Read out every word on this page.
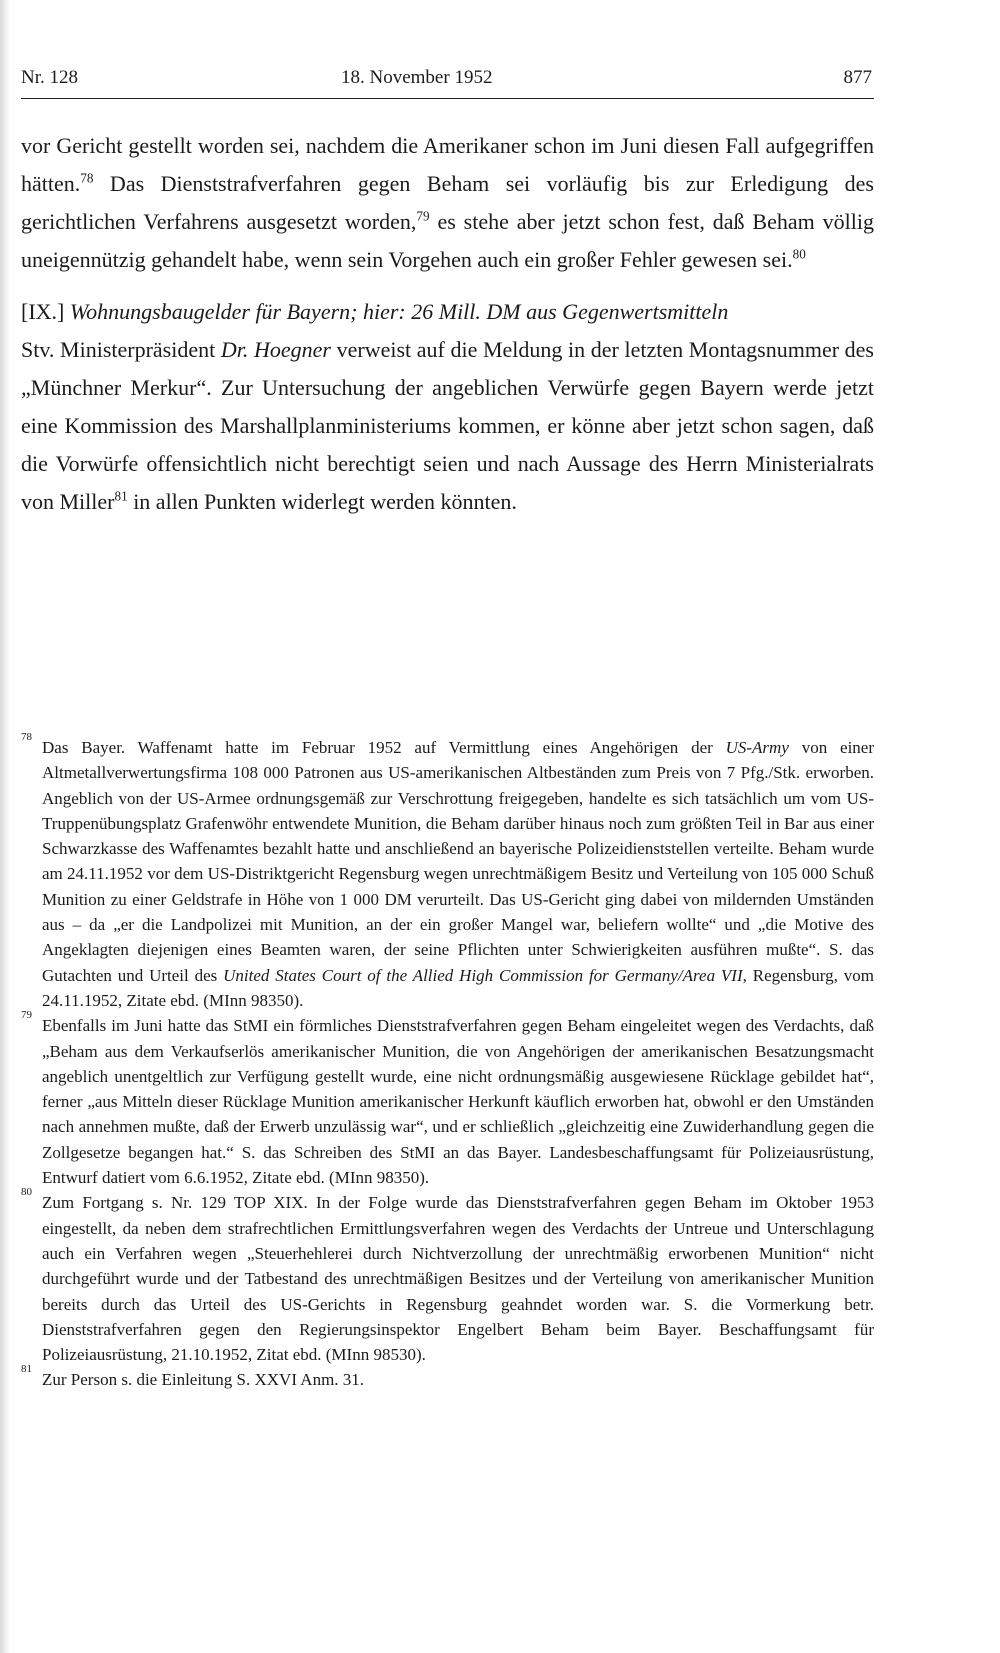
Nr. 128	18. November 1952	877

vor Gericht gestellt worden sei, nachdem die Amerikaner schon im Juni diesen Fall aufgegriffen hätten.$^{78}$ Das Dienststrafverfahren gegen Beham sei vorläufig bis zur Erledigung des gerichtlichen Verfahrens ausgesetzt worden,$^{79}$ es stehe aber jetzt schon fest, daß Beham völlig uneigennützig gehandelt habe, wenn sein Vorgehen auch ein großer Fehler gewesen sei.$^{80}$

[IX.] Wohnungsbaugelder für Bayern; hier: 26 Mill. DM aus Gegenwertsmitteln

Stv. Ministerpräsident Dr. Hoegner verweist auf die Meldung in der letzten Montagsnummer des „Münchner Merkur“. Zur Untersuchung der angeblichen Verwürfe gegen Bayern werde jetzt eine Kommission des Marshallplanministeriums kommen, er könne aber jetzt schon sagen, daß die Vorwürfe offensichtlich nicht berechtigt seien und nach Aussage des Herrn Ministerialrats von Miller$^{81}$ in allen Punkten widerlegt werden könnten.

78
Das Bayer. Waffenamt hatte im Februar 1952 auf Vermittlung eines Angehörigen der US-Army von einer Altmetallverwertungsfirma 108 000 Patronen aus US-amerikanischen Altbeständen zum Preis von 7 Pfg./Stk. erworben. Angeblich von der US-Armee ordnungsgemäß zur Verschrottung freigegeben, handelte es sich tatsächlich um vom US-Truppenübungsplatz Grafenwöhr entwendete Munition, die Beham darüber hinaus noch zum größten Teil in Bar aus einer Schwarzkasse des Waffenamtes bezahlt hatte und anschließend an bayerische Polizeidienststellen verteilte. Beham wurde am 24.11.1952 vor dem US-Distriktgericht Regensburg wegen unrechtmäßigem Besitz und Verteilung von 105 000 Schuß Munition zu einer Geldstrafe in Höhe von 1 000 DM verurteilt. Das US-Gericht ging dabei von mildernden Umständen aus – da „er die Landpolizei mit Munition, an der ein großer Mangel war, beliefern wollte“ und „die Motive des Angeklagten diejenigen eines Beamten waren, der seine Pflichten unter Schwierigkeiten ausführen mußte“. S. das Gutachten und Urteil des United States Court of the Allied High Commission for Germany/Area VII, Regensburg, vom 24.11.1952, Zitate ebd. (MInn 98350).

79
Ebenfalls im Juni hatte das StMI ein förmliches Dienststrafverfahren gegen Beham eingeleitet wegen des Verdachts, daß „Beham aus dem Verkaufserlös amerikanischer Munition, die von Angehörigen der amerikanischen Besatzungsmacht angeblich unentgeltlich zur Verfügung gestellt wurde, eine nicht ordnungsmäßig ausgewiesene Rücklage gebildet hat“, ferner „aus Mitteln dieser Rücklage Munition amerikanischer Herkunft käuflich erworben hat, obwohl er den Umständen nach annehmen mußte, daß der Erwerb unzulässig war“, und er schließlich „gleichzeitig eine Zuwiderhandlung gegen die Zollgesetze begangen hat.“ S. das Schreiben des StMI an das Bayer. Landesbeschaffungsamt für Polizeiausrüstung, Entwurf datiert vom 6.6.1952, Zitate ebd. (MInn 98350).

80
Zum Fortgang s. Nr. 129 TOP XIX. In der Folge wurde das Dienststrafverfahren gegen Beham im Oktober 1953 eingestellt, da neben dem strafrechtlichen Ermittlungsverfahren wegen des Verdachts der Untreue und Unterschlagung auch ein Verfahren wegen „Steuerhehlerei durch Nichtverzollung der unrechtmäßig erworbenen Munition“ nicht durchgeführt wurde und der Tatbestand des unrechtmäßigen Besitzes und der Verteilung von amerikanischer Munition bereits durch das Urteil des US-Gerichts in Regensburg geahndet worden war. S. die Vormerkung betr. Dienststrafverfahren gegen den Regierungsinspektor Engelbert Beham beim Bayer. Beschaffungsamt für Polizeiausrüstung, 21.10.1952, Zitat ebd. (MInn 98530).

81
Zur Person s. die Einleitung S. XXVI Anm. 31.
